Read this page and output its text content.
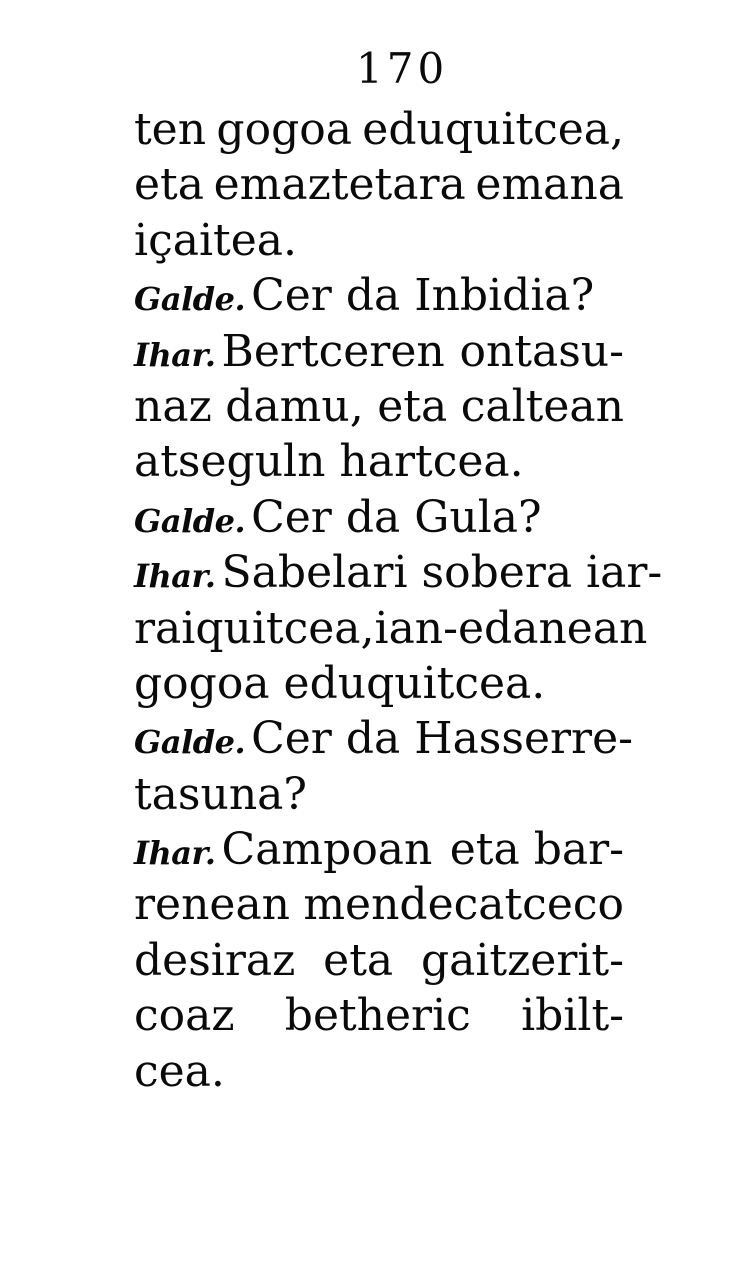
170
ten gogoa eduquitcea,
eta emaztetara emana
içaitea.
Galde. Cer da Inbidia?
Ihar. Bertceren ontasu-
naz damu, eta caltean
atseguln hartcea.
Galde. Cer da Gula?
Ihar. Sabelari sobera iar-
raiquitcea,ian-edanean
gogoa eduquitcea.
Galde. Cer da Hasserre-
tasuna?
Ihar. Campoan eta bar-
renean mendecatceco
desiraz eta gaitzerit-
coaz betheric ibilt-
cea.
